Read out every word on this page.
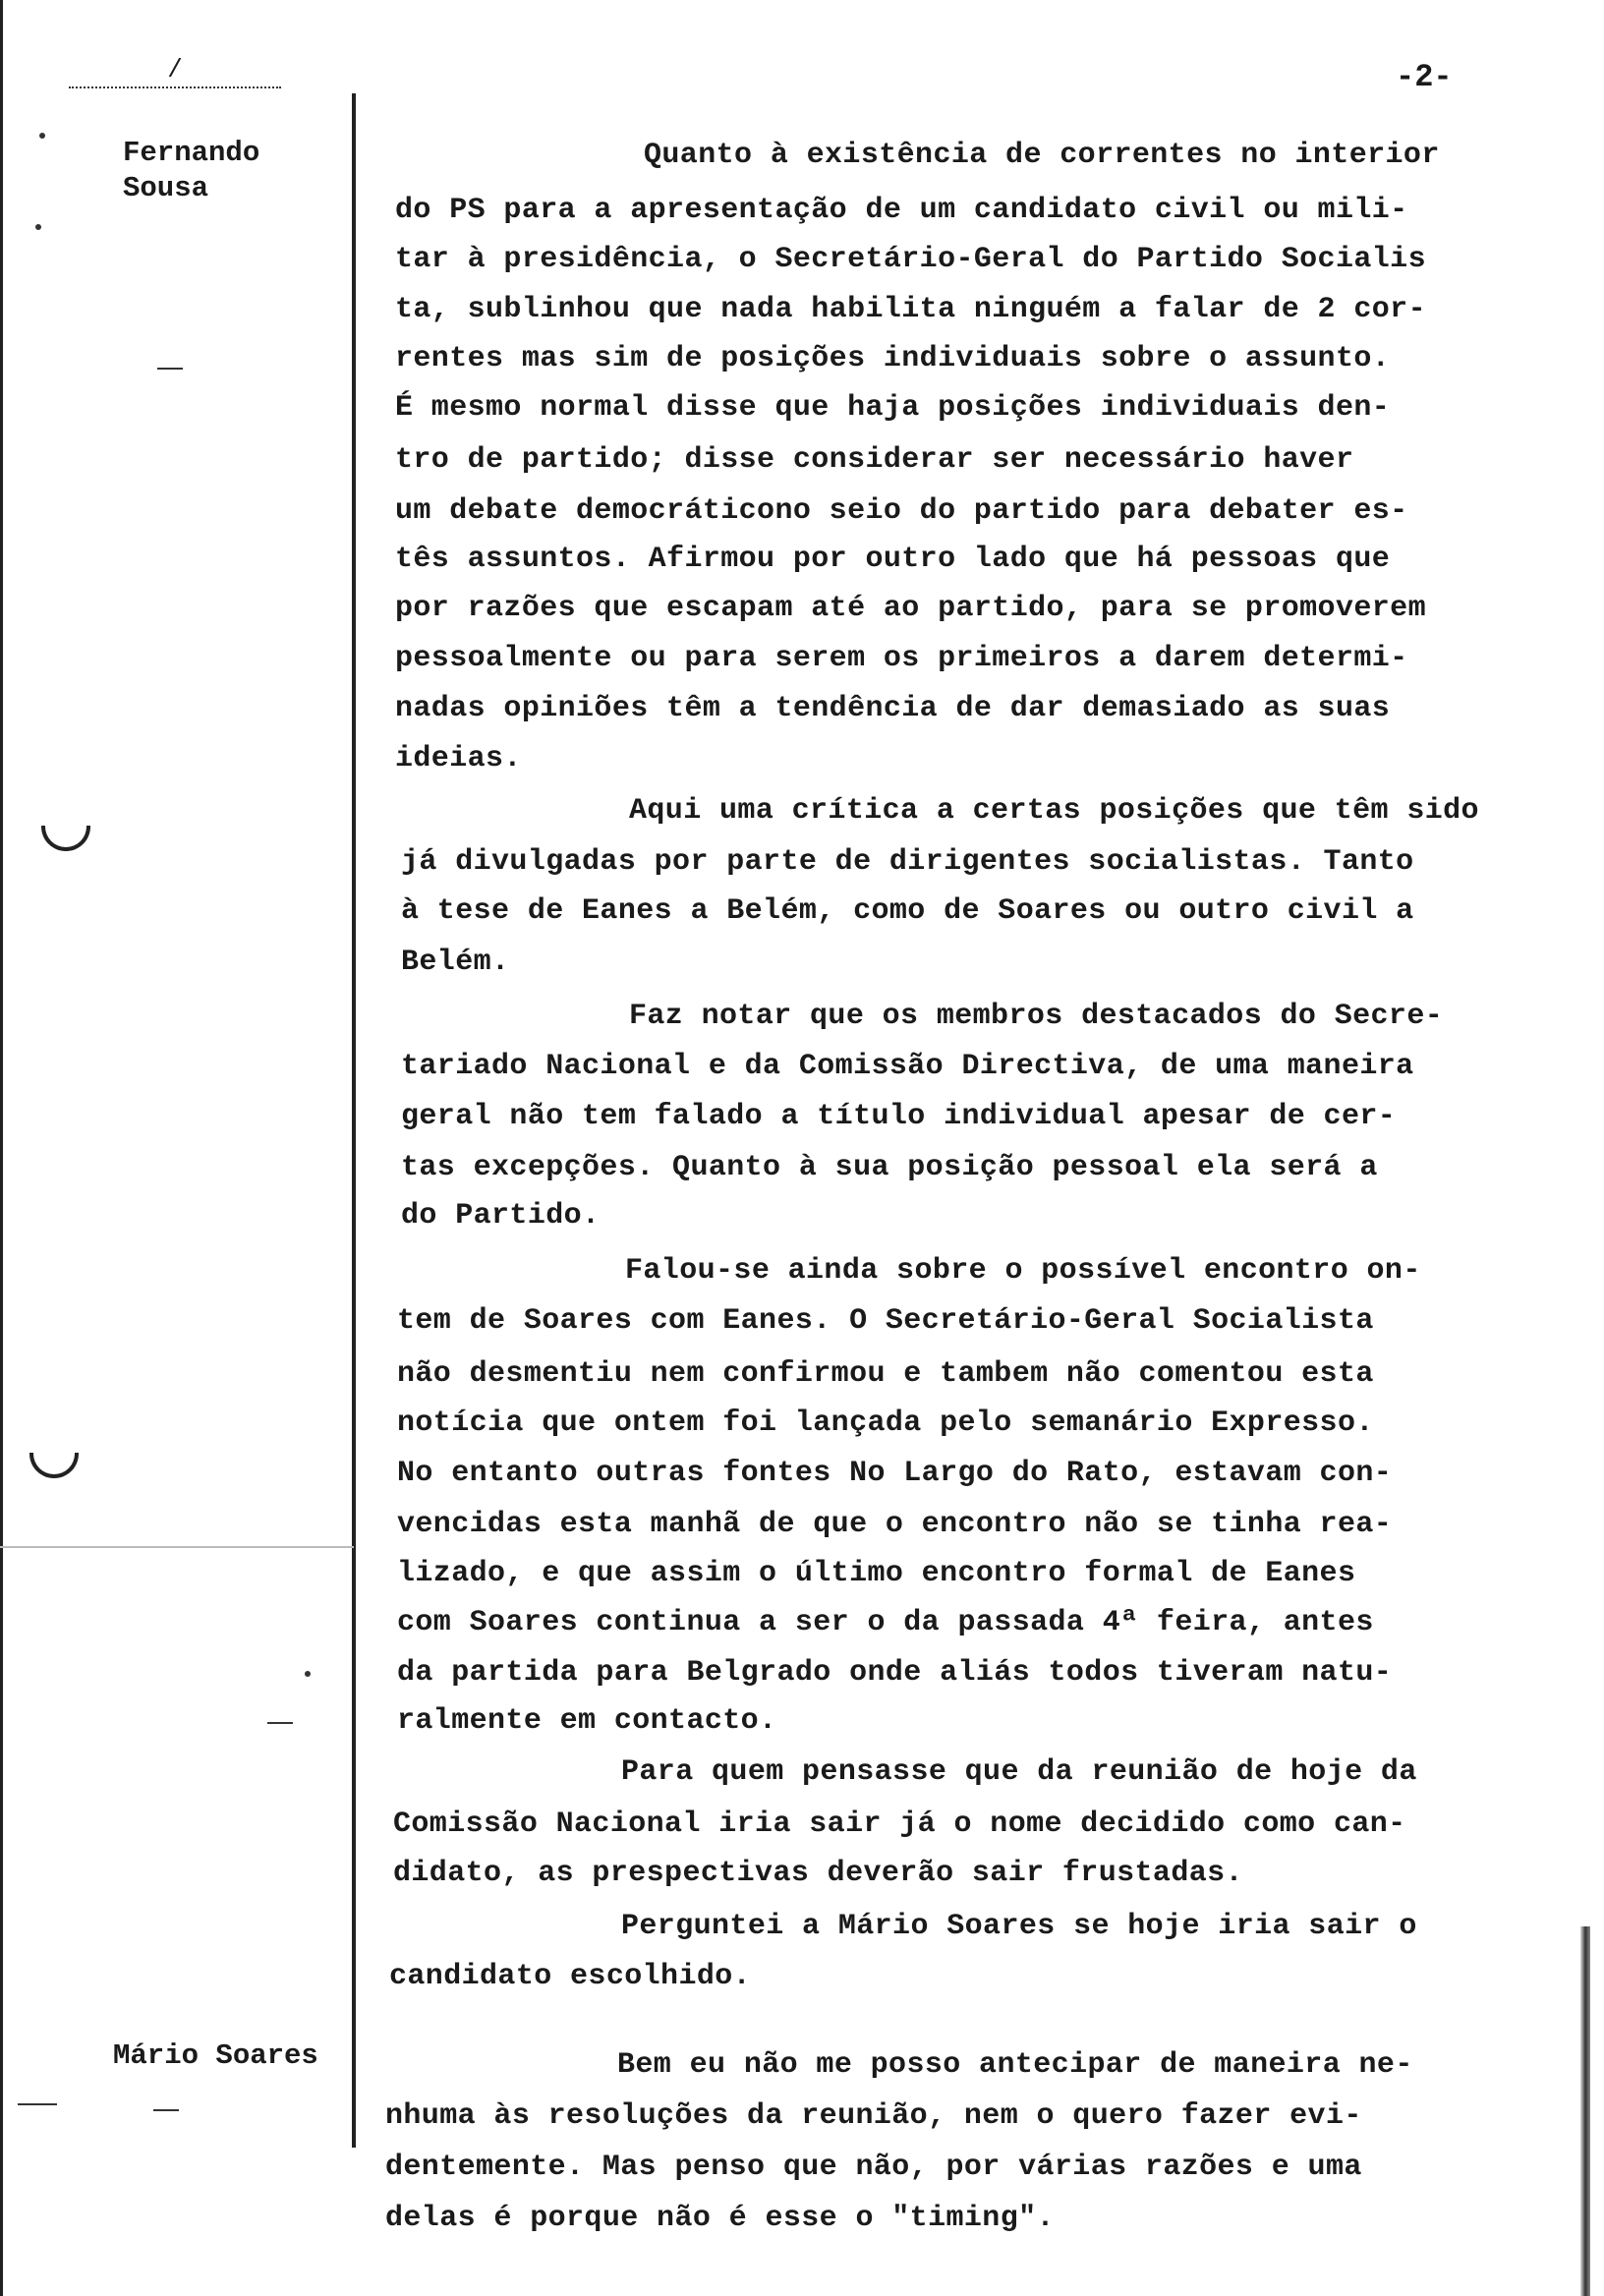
/	-2-
Fernando
Sousa
Mário Soares
Quanto à existência de correntes no interior
do PS para a apresentação de um candidato civil ou mili-
tar à presidência, o Secretário-Geral do Partido Socialis
ta, sublinhou que nada habilita ninguém a falar de 2 cor-
rentes mas sim de posições individuais sobre o assunto.
É mesmo normal disse que haja posições individuais den-
tro de partido; disse considerar ser necessário haver
um debate democráticono seio do partido para debater es-
tês assuntos. Afirmou por outro lado que há pessoas que
por razões que escapam até ao partido, para se promoverem
pessoalmente ou para serem os primeiros a darem determi-
nadas opiniões têm a tendência de dar demasiado as suas
ideias.
Aqui uma crítica a certas posições que têm sido
já divulgadas por parte de dirigentes socialistas. Tanto
à tese de Eanes a Belém, como de Soares ou outro civil a
Belém.
Faz notar que os membros destacados do Secre-
tariado Nacional e da Comissão Directiva, de uma maneira
geral não tem falado a título individual apesar de cer-
tas excepções. Quanto à sua posição pessoal ela será a
do Partido.
Falou-se ainda sobre o possível encontro on-
tem de Soares com Eanes. O Secretário-Geral Socialista
não desmentiu nem confirmou e tambem não comentou esta
notícia que ontem foi lançada pelo semanário Expresso.
No entanto outras fontes No Largo do Rato, estavam con-
vencidas esta manhã de que o encontro não se tinha rea-
lizado, e que assim o último encontro formal de Eanes
com Soares continua a ser o da passada 4ª feira, antes
da partida para Belgrado onde aliás todos tiveram natu-
ralmente em contacto.
Para quem pensasse que da reunião de hoje da
Comissão Nacional iria sair já o nome decidido como can-
didato, as prespectivas deverão sair frustadas.
Perguntei a Mário Soares se hoje iria sair o
candidato escolhido.
Bem eu não me posso antecipar de maneira ne-
nhuma às resoluções da reunião, nem o quero fazer evi-
dentemente. Mas penso que não, por várias razões e uma
delas é porque não é esse o "timing".
